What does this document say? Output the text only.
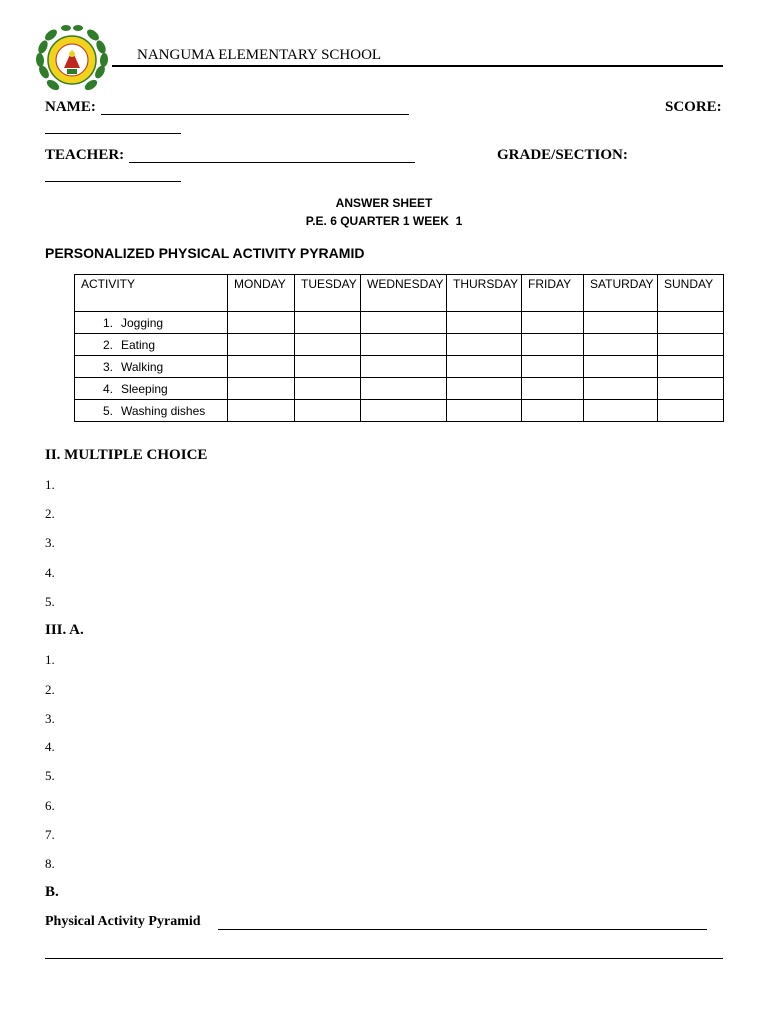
NANGUMA ELEMENTARY SCHOOL
NAME:	SCORE:
TEACHER:	GRADE/SECTION:
ANSWER SHEET
P.E. 6 QUARTER 1 WEEK  1
PERSONALIZED PHYSICAL ACTIVITY PYRAMID
ACTIVITY	MONDAY	TUESDAY	WEDNESDAY	THURSDAY	FRIDAY	SATURDAY	SUNDAY
1. Jogging							
2. Eating							
3. Walking							
4. Sleeping							
5. Washing dishes							
II. MULTIPLE CHOICE
1.
2.
3.
4.
5.
III. A.
1.
2.
3.
4.
5.
6.
7.
8.
B.
Physical Activity Pyramid
